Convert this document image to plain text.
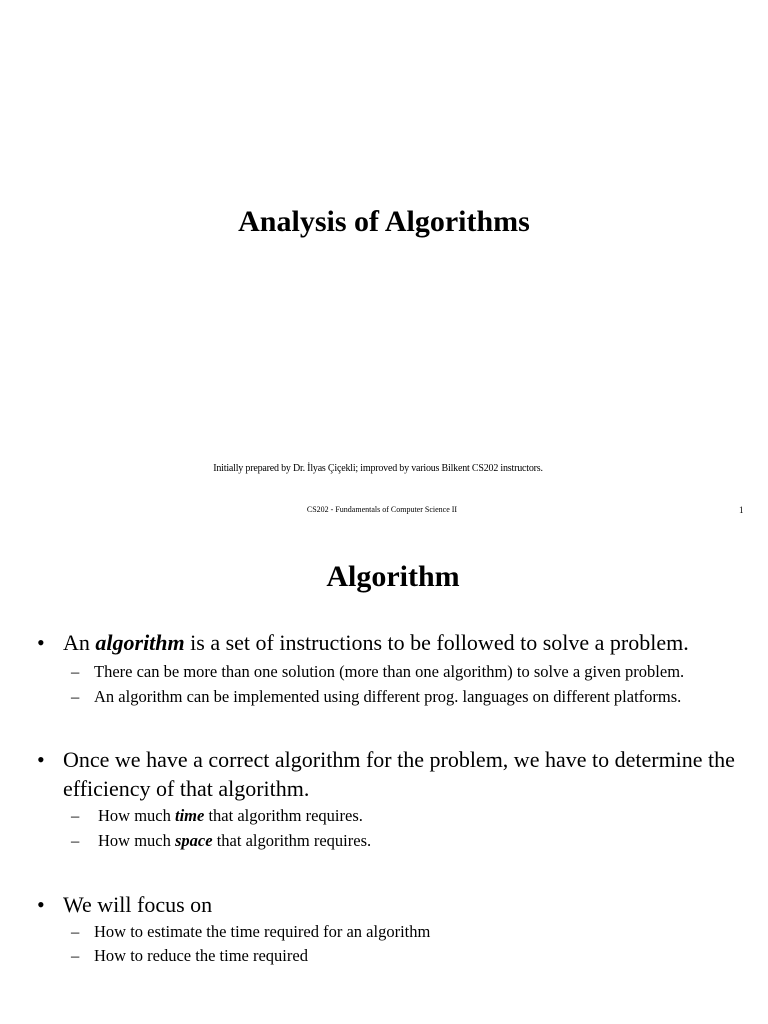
Analysis of Algorithms

Initially prepared by Dr. İlyas Çiçekli; improved by various Bilkent CS202 instructors.

CS202 - Fundamentals of Computer Science II	1

Algorithm
• An algorithm is a set of instructions to be followed to solve a problem.
– There can be more than one solution (more than one algorithm) to solve a given problem.
– An algorithm can be implemented using different prog. languages on different platforms.
• Once we have a correct algorithm for the problem, we have to determine the efficiency of that algorithm.
– How much time that algorithm requires.
– How much space that algorithm requires.
• We will focus on
– How to estimate the time required for an algorithm
– How to reduce the time required
